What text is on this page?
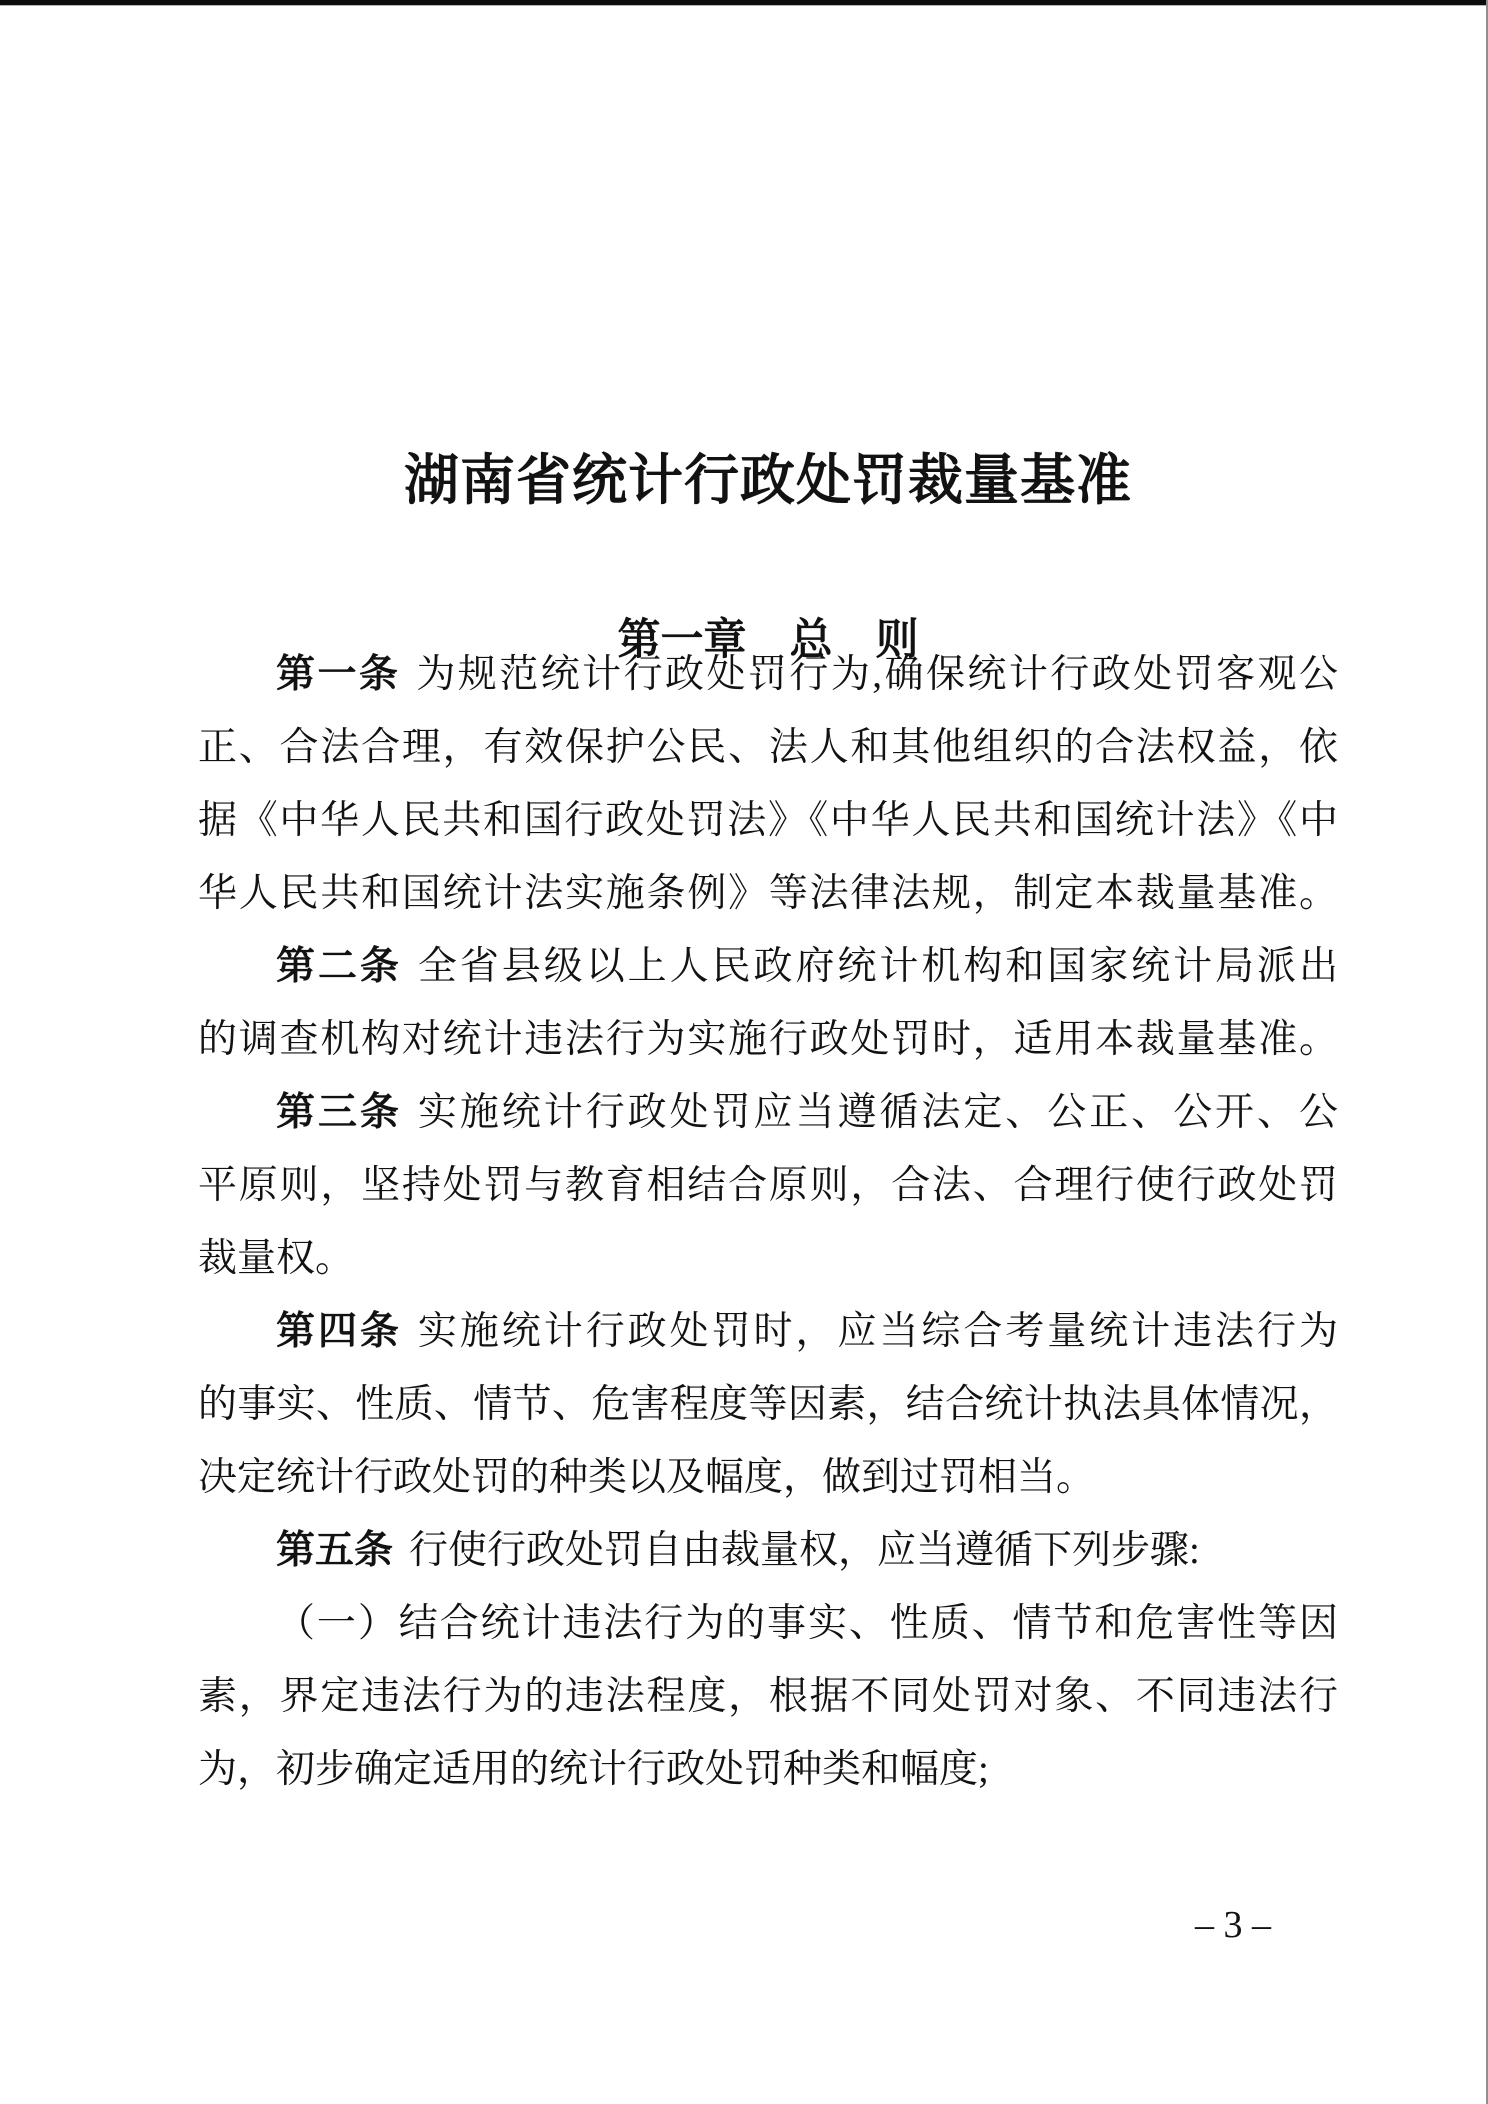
湖南省统计行政处罚裁量基准
第一章　总　则
第一条 为规范统计行政处罚行为,确保统计行政处罚客观公
正、合法合理，有效保护公民、法人和其他组织的合法权益，依
据《中华人民共和国行政处罚法》《中华人民共和国统计法》《中
华人民共和国统计法实施条例》等法律法规，制定本裁量基准。
第二条 全省县级以上人民政府统计机构和国家统计局派出
的调查机构对统计违法行为实施行政处罚时，适用本裁量基准。
第三条 实施统计行政处罚应当遵循法定、公正、公开、公
平原则，坚持处罚与教育相结合原则，合法、合理行使行政处罚
裁量权。
第四条 实施统计行政处罚时，应当综合考量统计违法行为
的事实、性质、情节、危害程度等因素，结合统计执法具体情况，
决定统计行政处罚的种类以及幅度，做到过罚相当。
第五条 行使行政处罚自由裁量权，应当遵循下列步骤:
（一）结合统计违法行为的事实、性质、情节和危害性等因
素，界定违法行为的违法程度，根据不同处罚对象、不同违法行
为，初步确定适用的统计行政处罚种类和幅度;
– 3 –
